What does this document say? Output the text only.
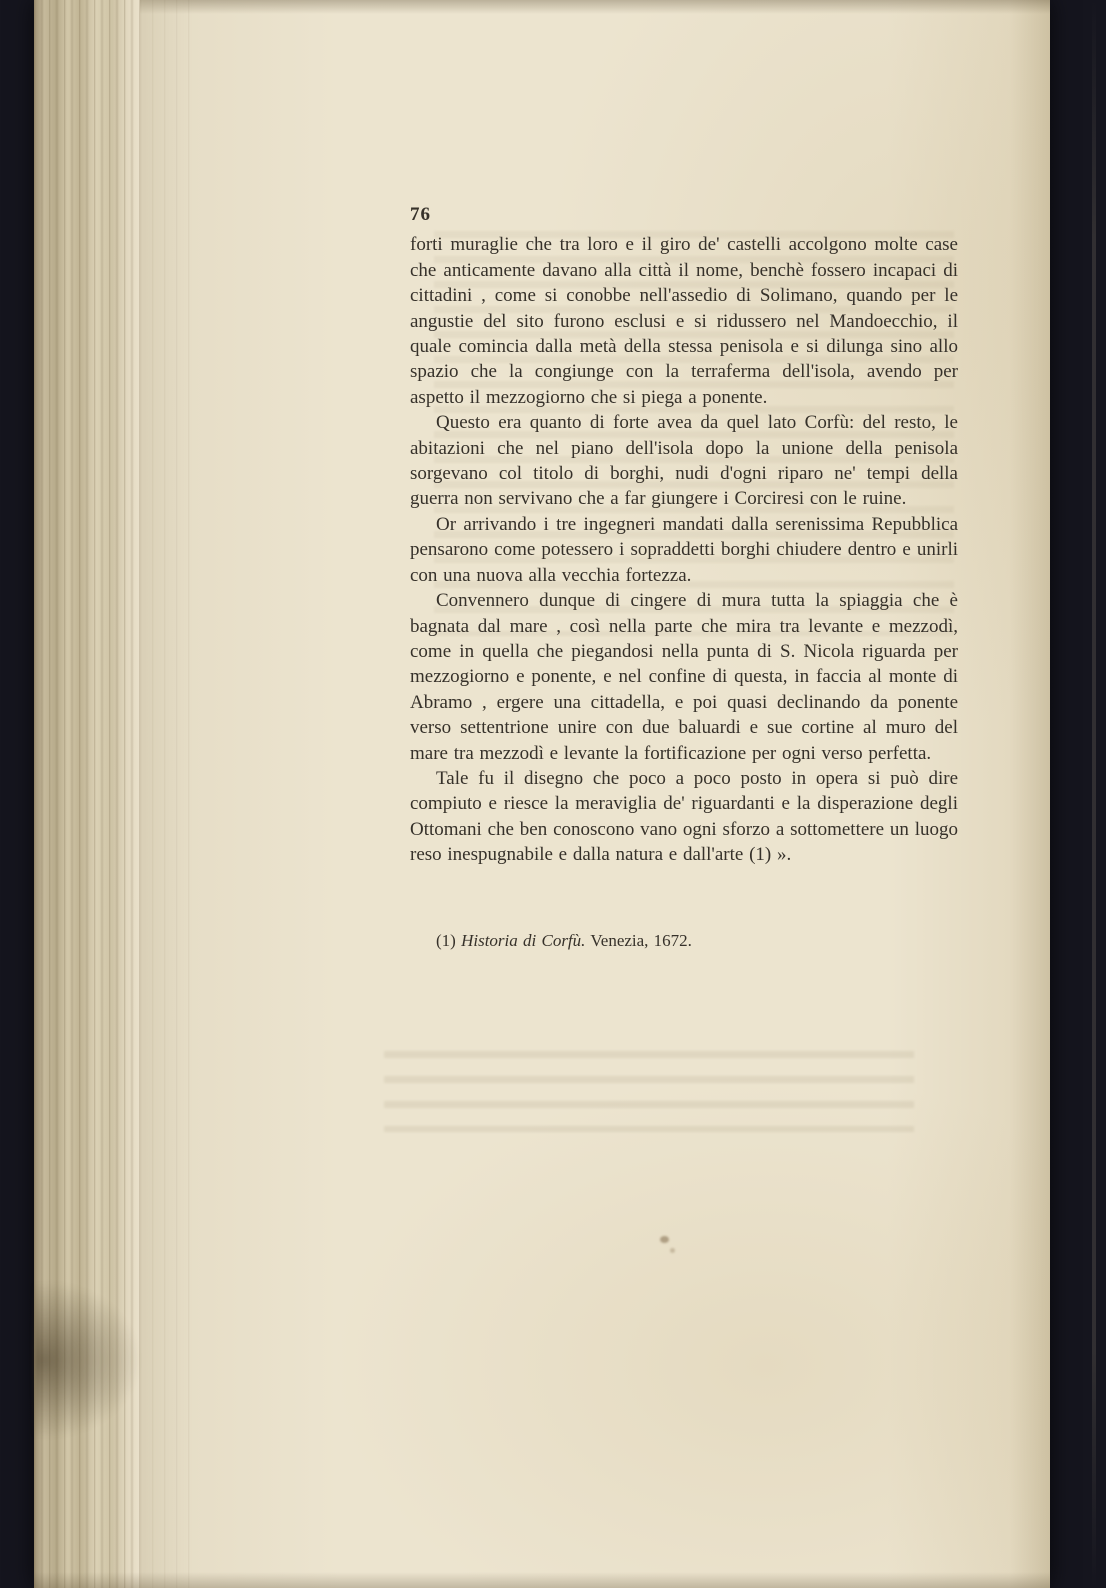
76

forti muraglie che tra loro e il giro de' castelli accolgono molte case che anticamente davano alla città il nome, benchè fossero incapaci di cittadini , come si conobbe nell'assedio di Solimano, quando per le angustie del sito furono esclusi e si ridussero nel Mandoecchio, il quale comincia dalla metà della stessa penisola e si dilunga sino allo spazio che la congiunge con la terraferma dell'isola, avendo per aspetto il mezzogiorno che si piega a ponente.

Questo era quanto di forte avea da quel lato Corfù: del resto, le abitazioni che nel piano dell'isola dopo la unione della penisola sorgevano col titolo di borghi, nudi d'ogni riparo ne' tempi della guerra non servivano che a far giungere i Corciresi con le ruine.

Or arrivando i tre ingegneri mandati dalla serenissima Repubblica pensarono come potessero i sopraddetti borghi chiudere dentro e unirli con una nuova alla vecchia fortezza.

Convennero dunque di cingere di mura tutta la spiaggia che è bagnata dal mare , così nella parte che mira tra levante e mezzodì, come in quella che piegandosi nella punta di S. Nicola riguarda per mezzogiorno e ponente, e nel confine di questa, in faccia al monte di Abramo , ergere una cittadella, e poi quasi declinando da ponente verso settentrione unire con due baluardi e sue cortine al muro del mare tra mezzodì e levante la fortificazione per ogni verso perfetta.

Tale fu il disegno che poco a poco posto in opera si può dire compiuto e riesce la meraviglia de' riguardanti e la disperazione degli Ottomani che ben conoscono vano ogni sforzo a sottomettere un luogo reso inespugnabile e dalla natura e dall'arte (1) ».

(1) Historia di Corfù. Venezia, 1672.
